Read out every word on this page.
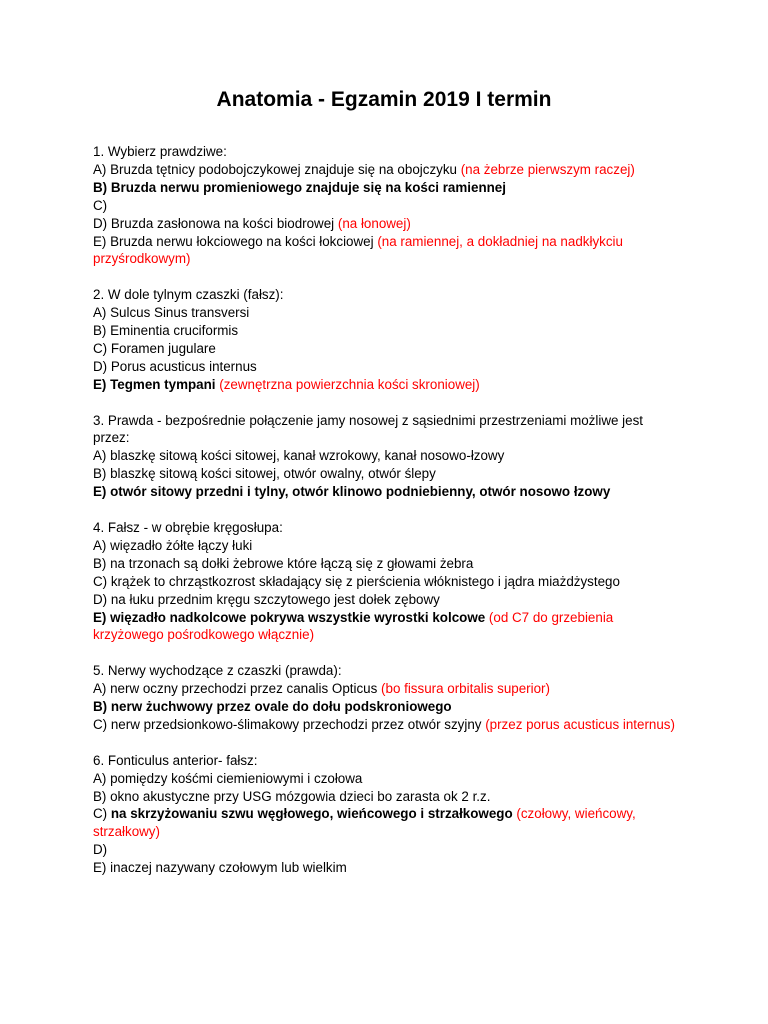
Anatomia - Egzamin 2019 I termin
1. Wybierz prawdziwe:
A) Bruzda tętnicy podobojczykowej znajduje się na obojczyku (na żebrze pierwszym raczej)
B) Bruzda nerwu promieniowego znajduje się na kości ramiennej
C)
D) Bruzda zasłonowa na kości biodrowej (na łonowej)
E) Bruzda nerwu łokciowego na kości łokciowej (na ramiennej, a dokładniej na nadkłykciu przyśrodkowym)
2. W dole tylnym czaszki (fałsz):
A) Sulcus Sinus transversi
B) Eminentia cruciformis
C) Foramen jugulare
D) Porus acusticus internus
E) Tegmen tympani (zewnętrzna powierzchnia kości skroniowej)
3. Prawda - bezpośrednie połączenie jamy nosowej z sąsiednimi przestrzeniami możliwe jest przez:
A) blaszkę sitową kości sitowej, kanał wzrokowy, kanał nosowo-łzowy
B) blaszkę sitową kości sitowej, otwór owalny, otwór ślepy
E) otwór sitowy przedni i tylny, otwór klinowo podniebienny, otwór nosowo łzowy
4. Fałsz - w obrębie kręgosłupa:
A) więzadło żółte łączy łuki
B) na trzonach są dołki żebrowe które łączą się z głowami żebra
C) krążek to chrząstkozrost składający się z pierścienia włóknistego i jądra miażdżystego
D) na łuku przednim kręgu szczytowego jest dołek zębowy
E) więzadło nadkolcowe pokrywa wszystkie wyrostki kolcowe (od C7 do grzebienia krzyżowego pośrodkowego włącznie)
5. Nerwy wychodzące z czaszki (prawda):
A) nerw oczny przechodzi przez canalis Opticus (bo fissura orbitalis superior)
B) nerw żuchwowy przez ovale do dołu podskroniowego
C) nerw przedsionkowo-ślimakowy przechodzi przez otwór szyjny (przez porus acusticus internus)
6. Fonticulus anterior- fałsz:
A) pomiędzy kośćmi ciemieniowymi i czołowa
B) okno akustyczne przy USG mózgowia dzieci bo zarasta ok 2 r.z.
C) na skrzyżowaniu szwu węgłowego, wieńcowego i strzałkowego (czołowy, wieńcowy, strzałkowy)
D)
E) inaczej nazywany czołowym lub wielkim
